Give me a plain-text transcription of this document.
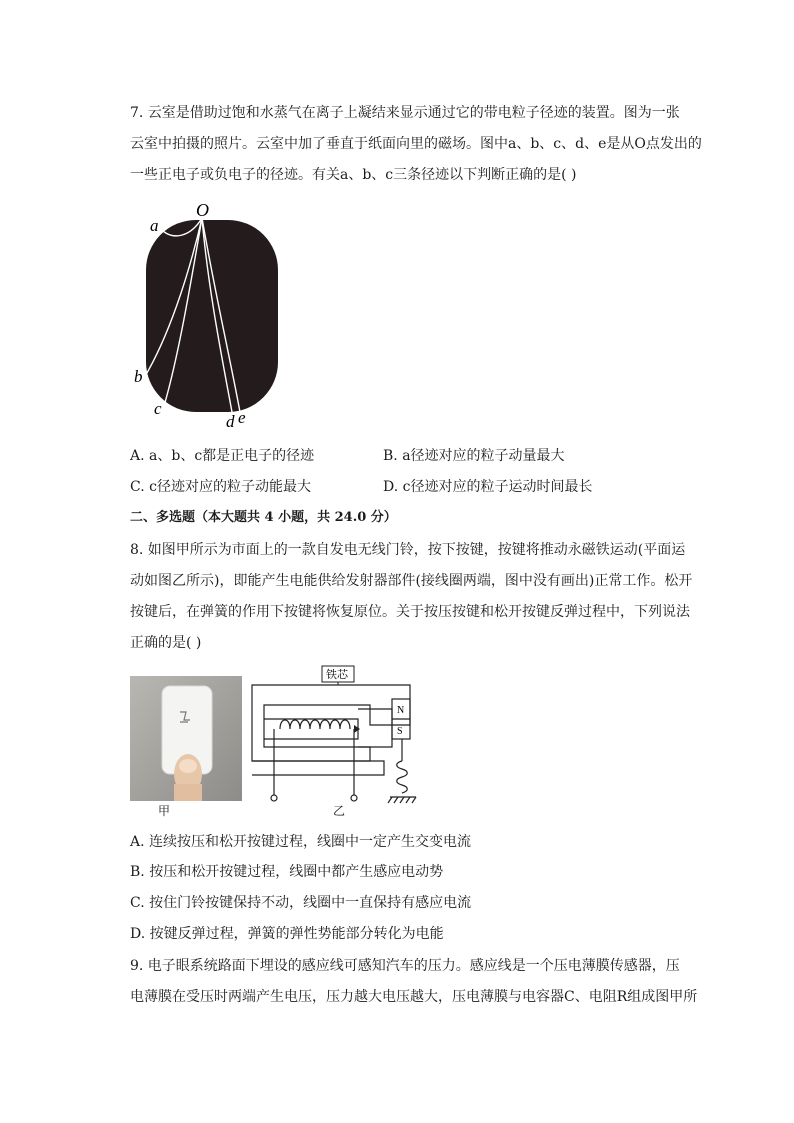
7. 云室是借助过饱和水蒸气在离子上凝结来显示通过它的带电粒子径迹的装置。图为一张
云室中拍摄的照片。云室中加了垂直于纸面向里的磁场。图中a、b、c、d、e是从O点发出的
一些正电子或负电子的径迹。有关a、b、c三条径迹以下判断正确的是( )
O
a
b
c
d e
A. a、b、c都是正电子的径迹	B. a径迹对应的粒子动量最大
C. c径迹对应的粒子动能最大	D. c径迹对应的粒子运动时间最长
二、多选题（本大题共 4 小题，共 24.0 分）
8. 如图甲所示为市面上的一款自发电无线门铃，按下按键，按键将推动永磁铁运动(平面运
动如图乙所示)，即能产生电能供给发射器部件(接线圈两端，图中没有画出)正常工作。松开
按键后，在弹簧的作用下按键将恢复原位。关于按压按键和松开按键反弹过程中，下列说法
正确的是( )
甲
铁芯
N
S
乙
A. 连续按压和松开按键过程，线圈中一定产生交变电流
B. 按压和松开按键过程，线圈中都产生感应电动势
C. 按住门铃按键保持不动，线圈中一直保持有感应电流
D. 按键反弹过程，弹簧的弹性势能部分转化为电能
9. 电子眼系统路面下埋设的感应线可感知汽车的压力。感应线是一个压电薄膜传感器，压
电薄膜在受压时两端产生电压，压力越大电压越大，压电薄膜与电容器C、电阻R组成图甲所
